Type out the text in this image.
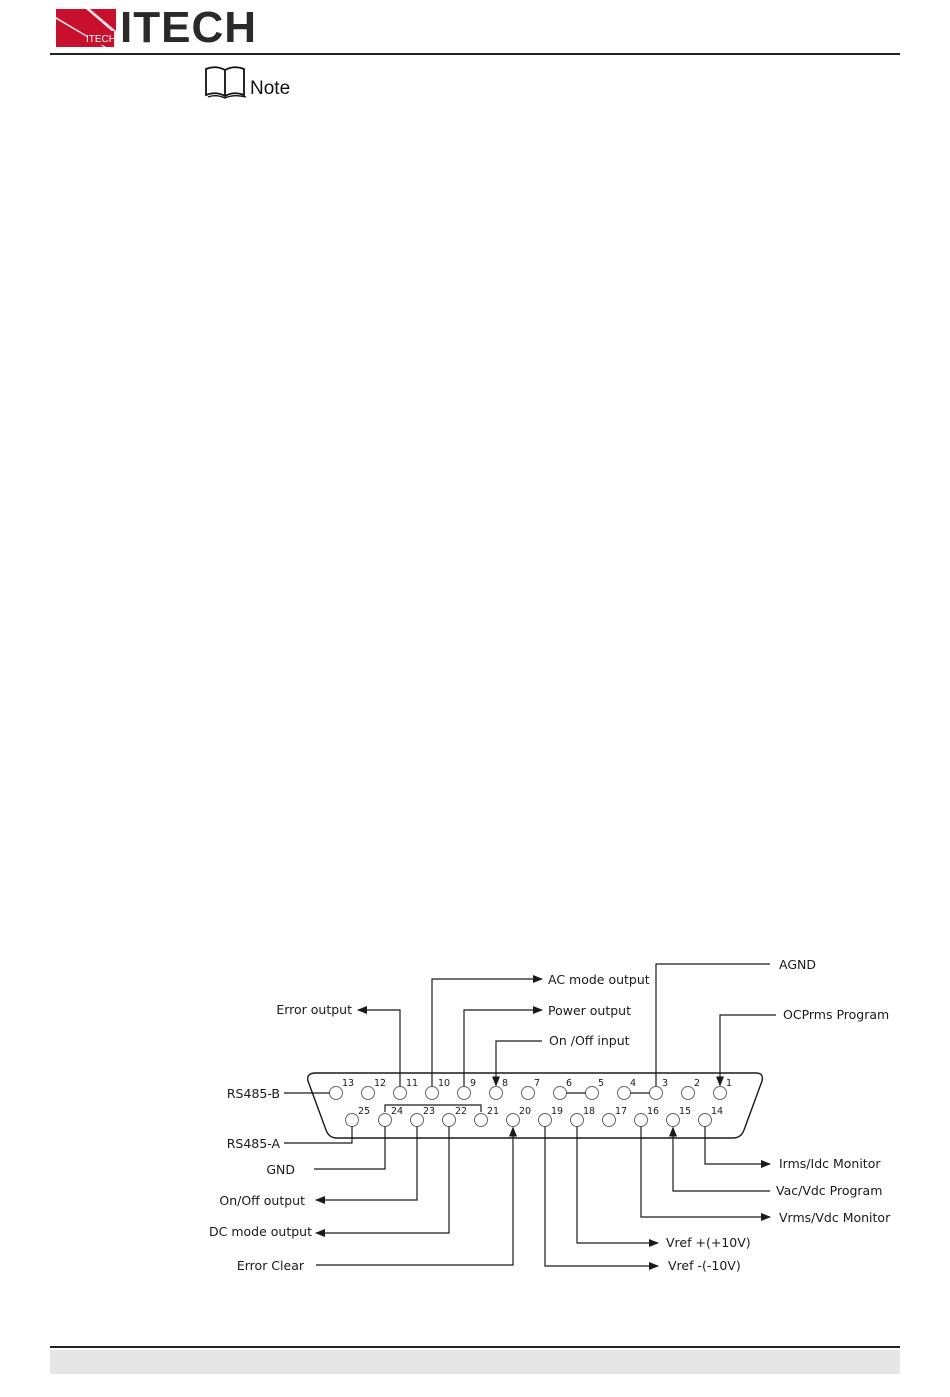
ITECH ITECH
Note
13 12 11 10 9	8	7	6	5	4	3	2	1
25 24 23 22 21 20 19 18 17 16 15 14
AGND
AC mode output
Error output	Power output	OCPrms Program
On /Off input
RS485-B
RS485-A
GND
On/Off output
DC mode output
Error Clear
Irms/Idc Monitor
Vac/Vdc Program
Vrms/Vdc Monitor
Vref +(+10V)
Vref -(-10V)
